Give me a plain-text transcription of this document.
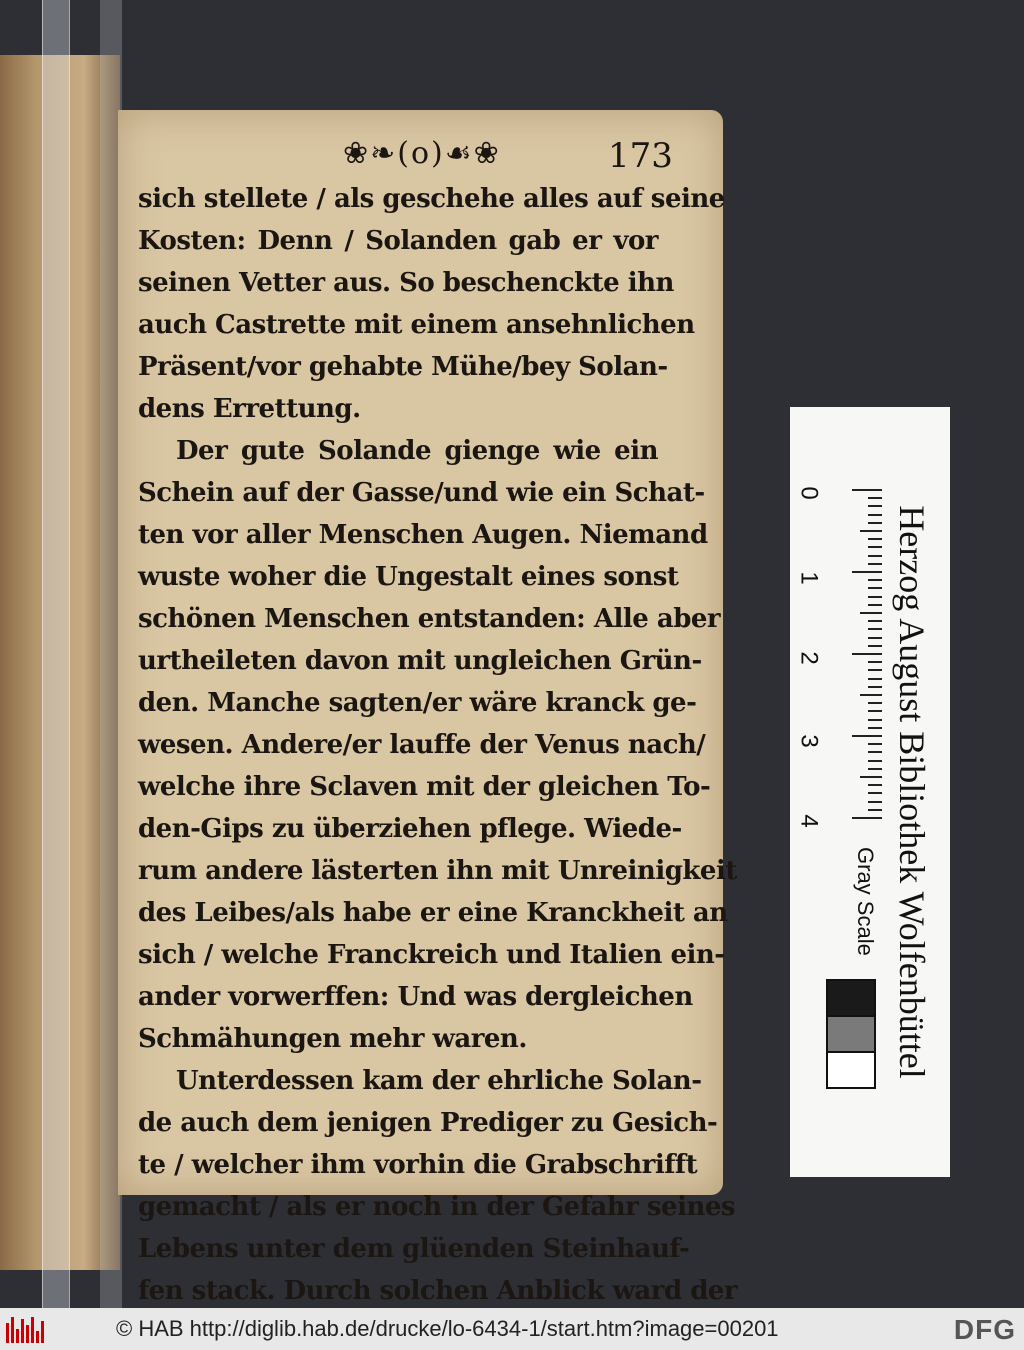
❀❧(o)☙❀	173
sich stellete / als geschehe alles auf seine
Kosten: Denn / Solanden gab er vor
seinen Vetter aus. So beschenckte ihn
auch Castrette mit einem ansehnlichen
Präsent/vor gehabte Mühe/bey Solan-
dens Errettung.
Der gute Solande gienge wie ein
Schein auf der Gasse/und wie ein Schat-
ten vor aller Menschen Augen. Niemand
wuste woher die Ungestalt eines sonst
schönen Menschen entstanden: Alle aber
urtheileten davon mit ungleichen Grün-
den. Manche sagten/er wäre kranck ge-
wesen. Andere/er lauffe der Venus nach/
welche ihre Sclaven mit der gleichen To-
den-Gips zu überziehen pflege. Wiede-
rum andere lästerten ihn mit Unreinigkeit
des Leibes/als habe er eine Kranckheit an
sich / welche Franckreich und Italien ein-
ander vorwerffen: Und was dergleichen
Schmähungen mehr waren.
Unterdessen kam der ehrliche Solan-
de auch dem jenigen Prediger zu Gesich-
te / welcher ihm vorhin die Grabschrifft
gemacht / als er noch in der Gefahr seines
Lebens unter dem glüenden Steinhauf-
fen stack. Durch solchen Anblick ward der
Herzog August Bibliothek Wolfenbüttel
0
1
2
3
4
Gray Scale
© HAB http://diglib.hab.de/drucke/lo-6434-1/start.htm?image=00201	DFG
